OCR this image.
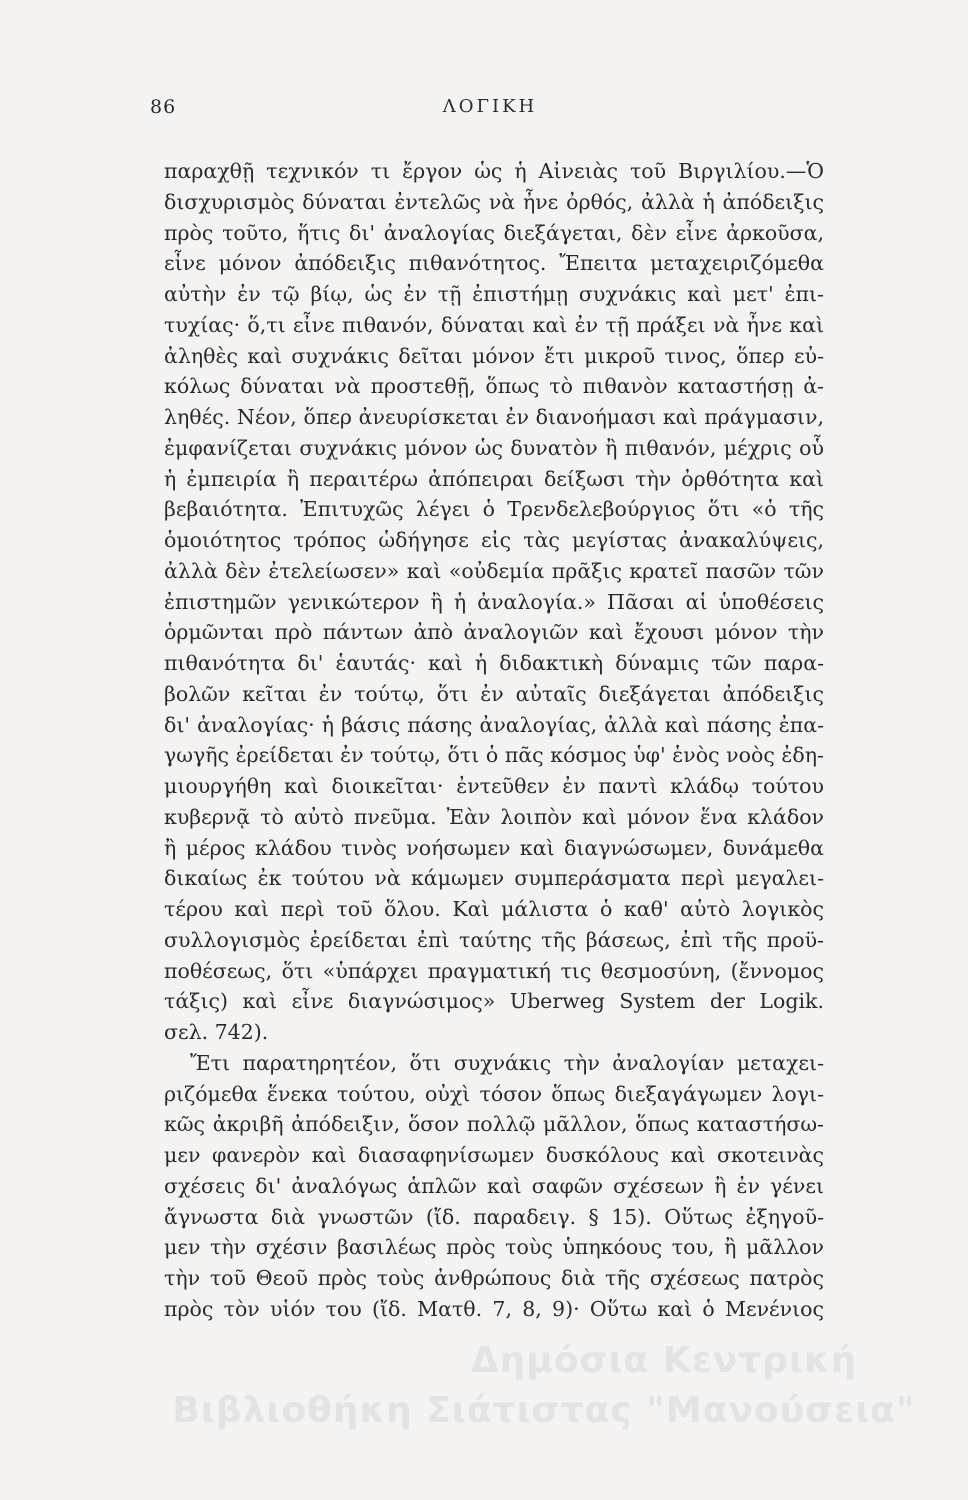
86	ΛΟΓΙΚΗ
παραχθῇ τεχνικόν τι ἔργον ὡς ἡ Αἰνειὰς τοῦ Βιργιλίου.—Ὁ
δισχυρισμὸς δύναται ἐντελῶς νὰ ἦνε ὀρθός, ἀλλὰ ἡ ἀπόδειξις
πρὸς τοῦτο, ἥτις δι' ἀναλογίας διεξάγεται, δὲν εἶνε ἀρκοῦσα,
εἶνε μόνον ἀπόδειξις πιθανότητος. Ἔπειτα μεταχειριζόμεθα
αὐτὴν ἐν τῷ βίῳ, ὡς ἐν τῇ ἐπιστήμῃ συχνάκις καὶ μετ' ἐπι-
τυχίας· ὅ,τι εἶνε πιθανόν, δύναται καὶ ἐν τῇ πράξει νὰ ἦνε καὶ
ἀληθὲς καὶ συχνάκις δεῖται μόνον ἔτι μικροῦ τινος, ὅπερ εὐ-
κόλως δύναται νὰ προστεθῇ, ὅπως τὸ πιθανὸν καταστήσῃ ἀ-
ληθές. Νέον, ὅπερ ἀνευρίσκεται ἐν διανοήμασι καὶ πράγμασιν,
ἐμφανίζεται συχνάκις μόνον ὡς δυνατὸν ἢ πιθανόν, μέχρις οὗ
ἡ ἐμπειρία ἢ περαιτέρω ἀπόπειραι δείξωσι τὴν ὀρθότητα καὶ
βεβαιότητα. Ἐπιτυχῶς λέγει ὁ Τρενδελεβούργιος ὅτι «ὁ τῆς
ὁμοιότητος τρόπος ὡδήγησε εἰς τὰς μεγίστας ἀνακαλύψεις,
ἀλλὰ δὲν ἐτελείωσεν» καὶ «οὐδεμία πρᾶξις κρατεῖ πασῶν τῶν
ἐπιστημῶν γενικώτερον ἢ ἡ ἀναλογία.» Πᾶσαι αἱ ὑποθέσεις
ὁρμῶνται πρὸ πάντων ἀπὸ ἀναλογιῶν καὶ ἔχουσι μόνον τὴν
πιθανότητα δι' ἑαυτάς· καὶ ἡ διδακτικὴ δύναμις τῶν παρα-
βολῶν κεῖται ἐν τούτῳ, ὅτι ἐν αὐταῖς διεξάγεται ἀπόδειξις
δι' ἀναλογίας· ἡ βάσις πάσης ἀναλογίας, ἀλλὰ καὶ πάσης ἐπα-
γωγῆς ἐρείδεται ἐν τούτῳ, ὅτι ὁ πᾶς κόσμος ὑφ' ἑνὸς νοὸς ἐδη-
μιουργήθη καὶ διοικεῖται· ἐντεῦθεν ἐν παντὶ κλάδῳ τούτου
κυβερνᾷ τὸ αὐτὸ πνεῦμα. Ἐὰν λοιπὸν καὶ μόνον ἕνα κλάδον
ἢ μέρος κλάδου τινὸς νοήσωμεν καὶ διαγνώσωμεν, δυνάμεθα
δικαίως ἐκ τούτου νὰ κάμωμεν συμπεράσματα περὶ μεγαλει-
τέρου καὶ περὶ τοῦ ὅλου. Καὶ μάλιστα ὁ καθ' αὑτὸ λογικὸς
συλλογισμὸς ἐρείδεται ἐπὶ ταύτης τῆς βάσεως, ἐπὶ τῆς προϋ-
ποθέσεως, ὅτι «ὑπάρχει πραγματική τις θεσμοσύνη, (ἔννομος
τάξις) καὶ εἶνε διαγνώσιμος» Uberweg System der Logik.
σελ. 742).
Ἔτι παρατηρητέον, ὅτι συχνάκις τὴν ἀναλογίαν μεταχει-
ριζόμεθα ἕνεκα τούτου, οὐχὶ τόσον ὅπως διεξαγάγωμεν λογι-
κῶς ἀκριβῆ ἀπόδειξιν, ὅσον πολλῷ μᾶλλον, ὅπως καταστήσω-
μεν φανερὸν καὶ διασαφηνίσωμεν δυσκόλους καὶ σκοτεινὰς
σχέσεις δι' ἀναλόγως ἁπλῶν καὶ σαφῶν σχέσεων ἢ ἐν γένει
ἄγνωστα διὰ γνωστῶν (ἴδ. παραδειγ. § 15). Οὕτως ἐξηγοῦ-
μεν τὴν σχέσιν βασιλέως πρὸς τοὺς ὑπηκόους του, ἢ μᾶλλον
τὴν τοῦ Θεοῦ πρὸς τοὺς ἀνθρώπους διὰ τῆς σχέσεως πατρὸς
πρὸς τὸν υἱόν του (ἴδ. Ματθ. 7, 8, 9)· Οὕτω καὶ ὁ Μενένιος
Δημόσια Κεντρική
Βιβλιοθήκη Σιάτιστας "Μανούσεια"
